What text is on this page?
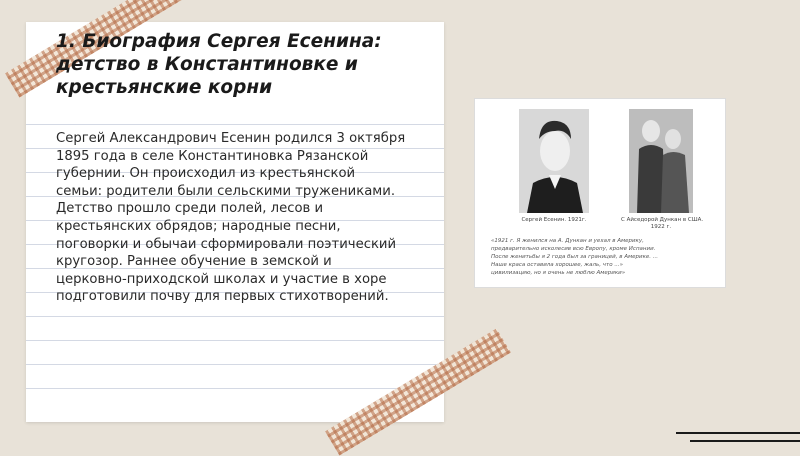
1. Биография Сергея Есенина:
детство в Константиновке и
крестьянские корни

Сергей Александрович Есенин родился 3 октября
1895 года в селе Константиновка Рязанской
губернии. Он происходил из крестьянской
семьи: родители были сельскими тружениками.
Детство прошло среди полей, лесов и
крестьянских обрядов; народные песни,
поговорки и обычаи сформировали поэтический
кругозор. Раннее обучение в земской и
церковно-приходской школах и участие в хоре
подготовили почву для первых стихотворений.

Сергей Есенин. 1921г.	С Айседорой Дункан в США.
1922 г.
«1921 г. Я женился на А. Дункан и уехал в Америку,
предварительно исколесив всю Европу, кроме Испании.
После женитьбы я 2 года был за границей, в Америке. ...
Наше краса оставила хорошее, жаль, что ...»
цивилизацию, но я очень не люблю Америки»
